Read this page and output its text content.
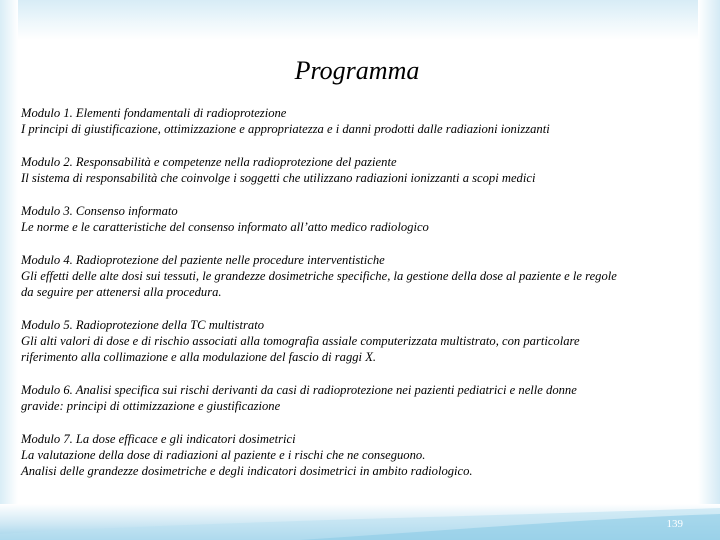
Programma

Modulo 1. Elementi fondamentali di radioprotezione

I principi di giustificazione, ottimizzazione e appropriatezza e i danni prodotti dalle radiazioni ionizzanti

Modulo 2. Responsabilità e competenze nella radioprotezione del paziente

Il sistema di responsabilità che coinvolge i soggetti che utilizzano radiazioni ionizzanti a scopi medici

Modulo 3. Consenso informato

Le norme e le caratteristiche del consenso informato all’atto medico radiologico

Modulo 4. Radioprotezione del paziente nelle procedure interventistiche

Gli effetti delle alte dosi sui tessuti, le grandezze dosimetriche specifiche, la gestione della dose al paziente e le regole

da seguire per attenersi alla procedura.

Modulo 5. Radioprotezione della TC multistrato

Gli alti valori di dose e di rischio associati alla tomografia assiale computerizzata multistrato, con particolare

riferimento alla collimazione e alla modulazione del fascio di raggi X.

Modulo 6. Analisi specifica sui rischi derivanti da casi di radioprotezione nei pazienti pediatrici e nelle donne

gravide: principi di ottimizzazione e giustificazione

Modulo 7. La dose efficace e gli indicatori dosimetrici

La valutazione della dose di radiazioni al paziente e i rischi che ne conseguono.

Analisi delle grandezze dosimetriche e degli indicatori dosimetrici in ambito radiologico.

139
